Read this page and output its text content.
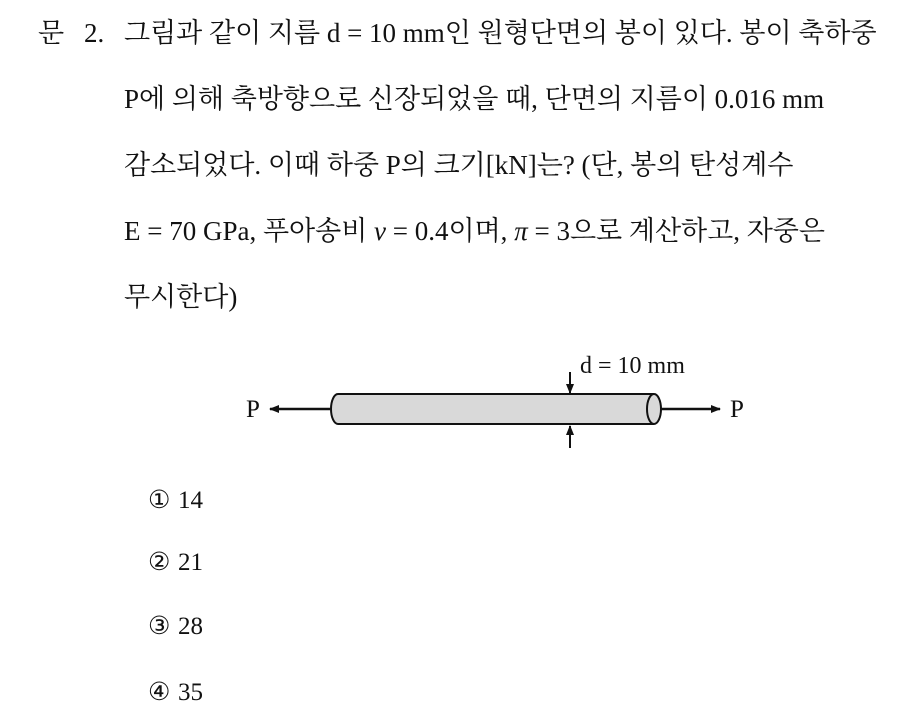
문 2. 그림과 같이 지름 d = 10 mm인 원형단면의 봉이 있다. 봉이 축하중
P에 의해 축방향으로 신장되었을 때, 단면의 지름이 0.016 mm
감소되었다. 이때 하중 P의 크기[kN]는? (단, 봉의 탄성계수
E = 70 GPa, 푸아송비 ν = 0.4이며, π = 3으로 계산하고, 자중은
무시한다)
P	P
d = 10 mm
① 14
② 21
③ 28
④ 35
